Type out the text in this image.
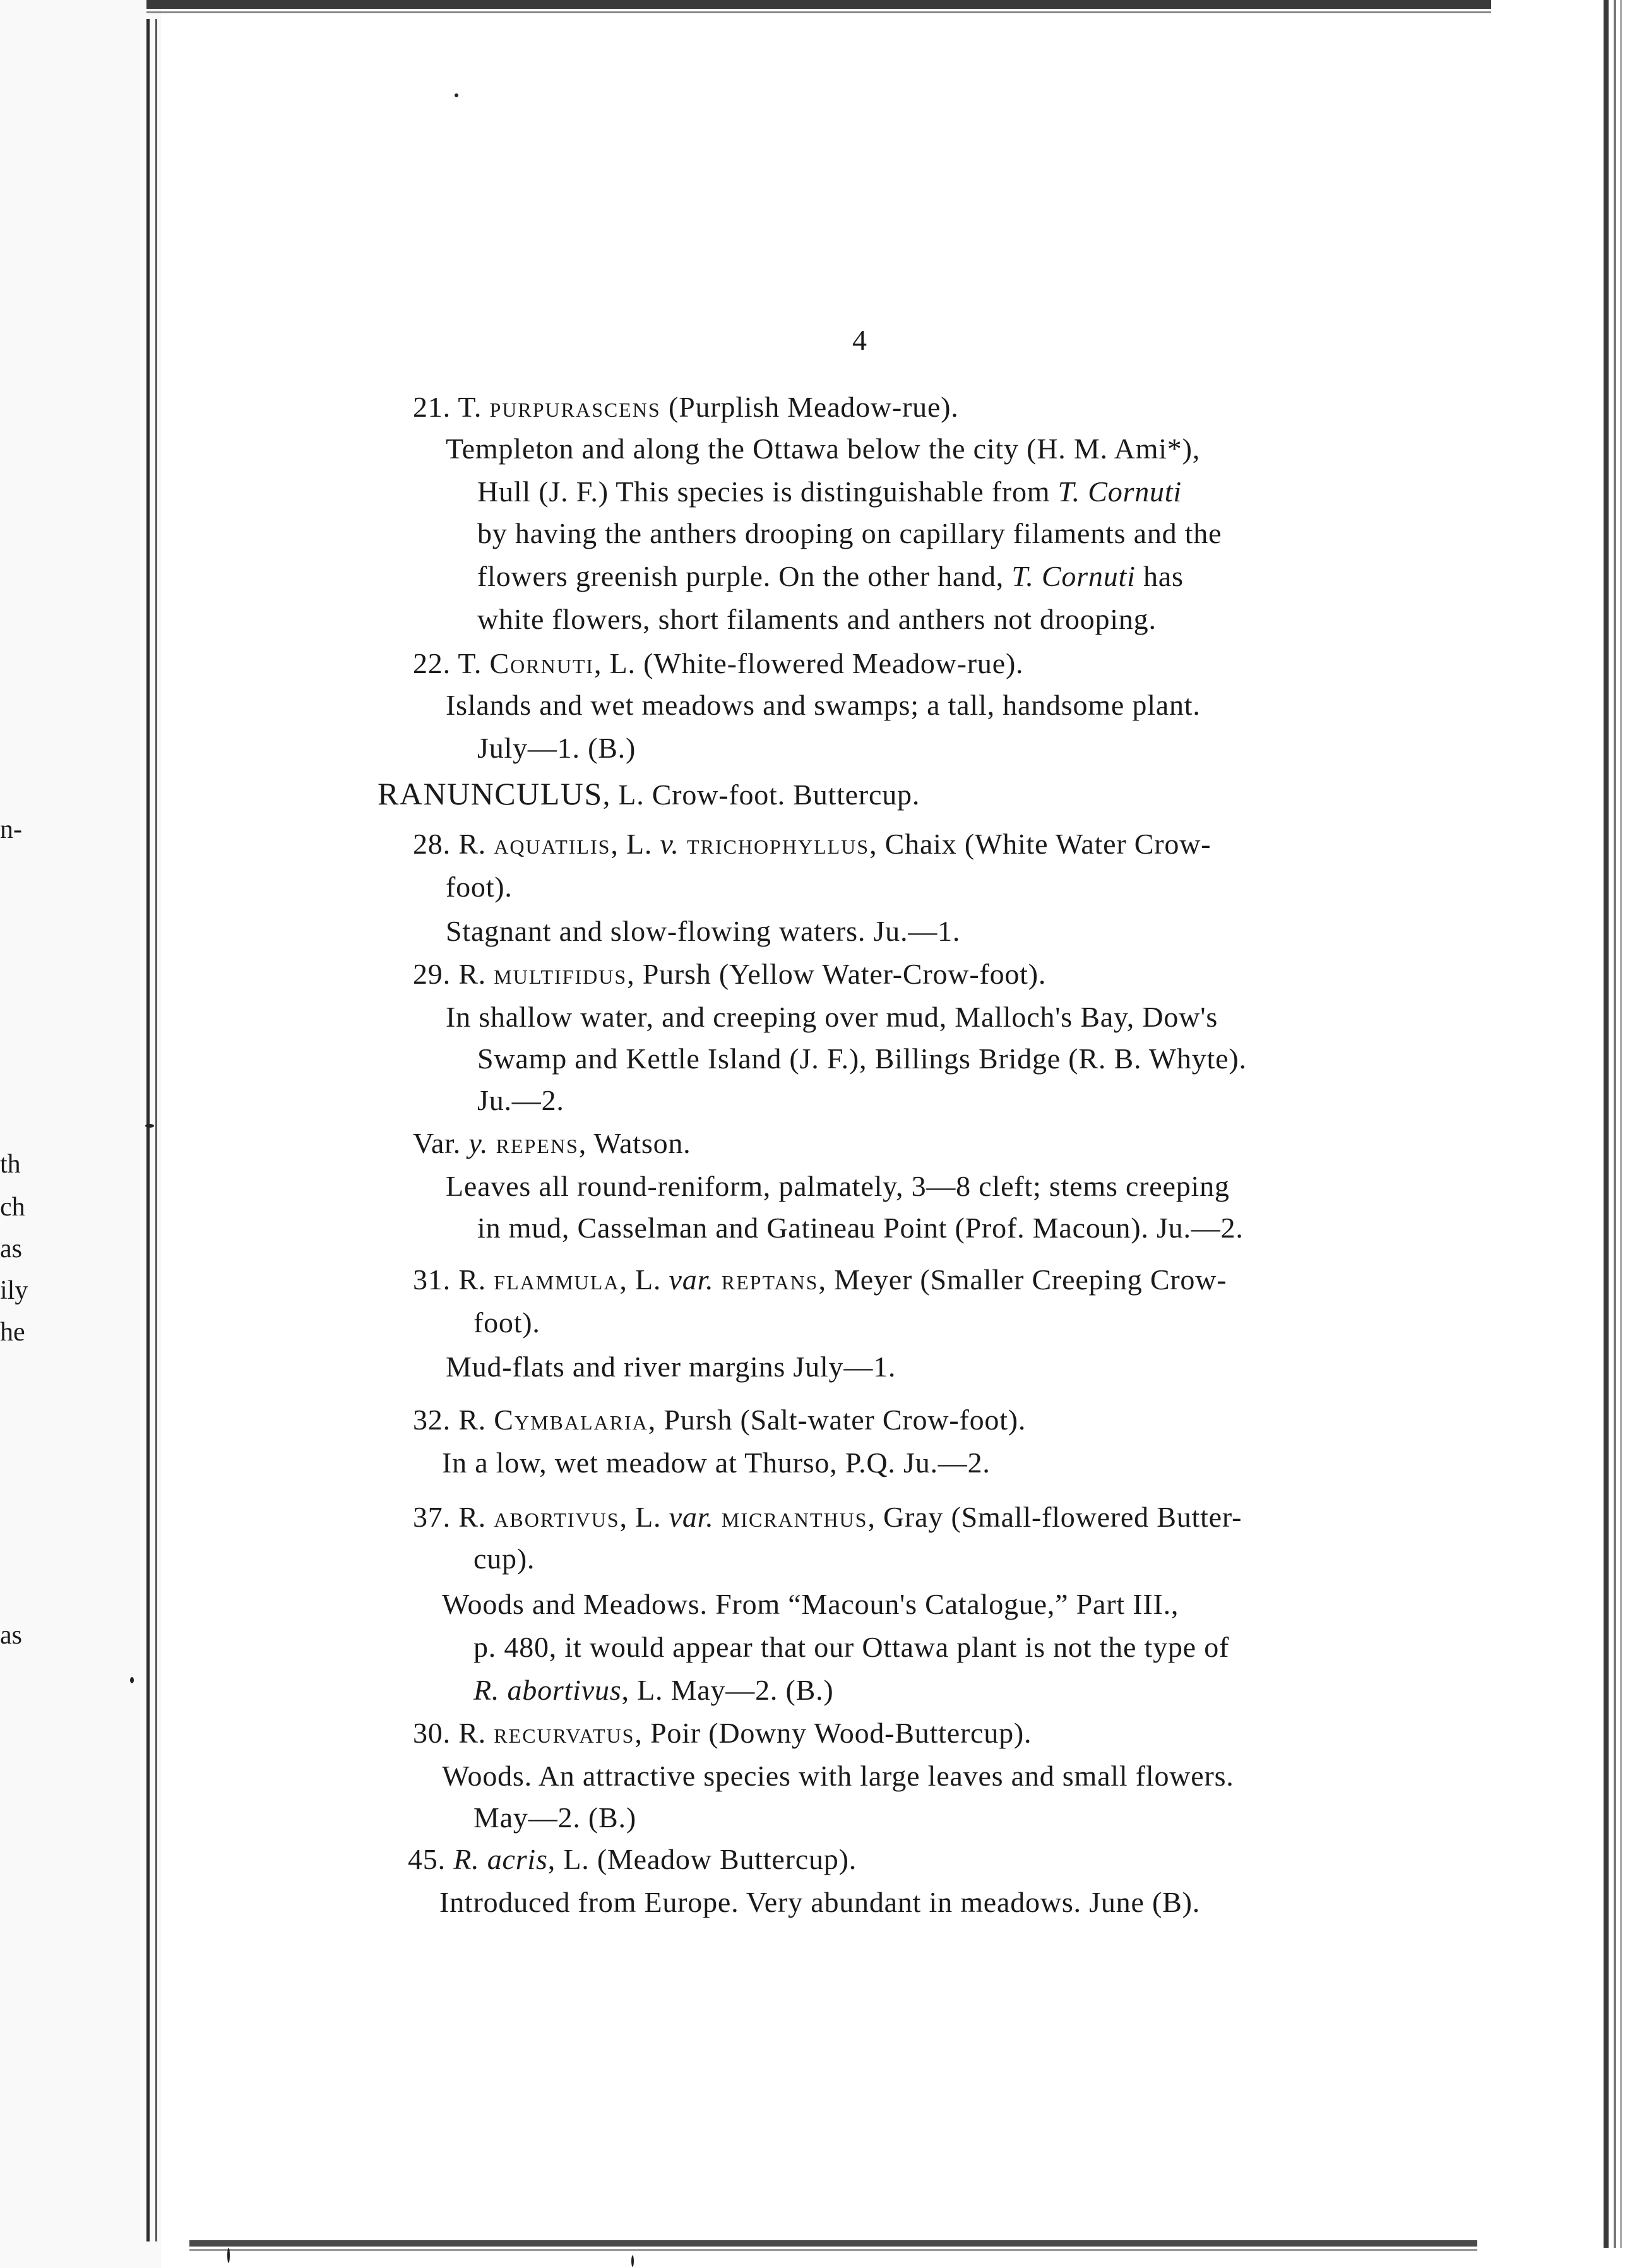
n-
th
ch
as
ily
he
as
4
21. T. purpurascens (Purplish Meadow-rue).
Templeton and along the Ottawa below the city (H. M. Ami*),
Hull (J. F.) This species is distinguishable from T. Cornuti
by having the anthers drooping on capillary filaments and the
flowers greenish purple. On the other hand, T. Cornuti has
white flowers, short filaments and anthers not drooping.
22. T. Cornuti, L. (White-flowered Meadow-rue).
Islands and wet meadows and swamps; a tall, handsome plant.
July—1. (B.)
RANUNCULUS, L. Crow-foot. Buttercup.
28. R. aquatilis, L. v. trichophyllus, Chaix (White Water Crow-
foot).
Stagnant and slow-flowing waters. Ju.—1.
29. R. multifidus, Pursh (Yellow Water-Crow-foot).
In shallow water, and creeping over mud, Malloch's Bay, Dow's
Swamp and Kettle Island (J. F.), Billings Bridge (R. B. Whyte).
Ju.—2.
Var. y. repens, Watson.
Leaves all round-reniform, palmately, 3—8 cleft; stems creeping
in mud, Casselman and Gatineau Point (Prof. Macoun). Ju.—2.
31. R. flammula, L. var. reptans, Meyer (Smaller Creeping Crow-
foot).
Mud-flats and river margins July—1.
32. R. Cymbalaria, Pursh (Salt-water Crow-foot).
In a low, wet meadow at Thurso, P.Q. Ju.—2.
37. R. abortivus, L. var. micranthus, Gray (Small-flowered Butter-
cup).
Woods and Meadows. From “Macoun's Catalogue,” Part III.,
p. 480, it would appear that our Ottawa plant is not the type of
R. abortivus, L. May—2. (B.)
30. R. recurvatus, Poir (Downy Wood-Buttercup).
Woods. An attractive species with large leaves and small flowers.
May—2. (B.)
45. R. acris, L. (Meadow Buttercup).
Introduced from Europe. Very abundant in meadows. June (B).
